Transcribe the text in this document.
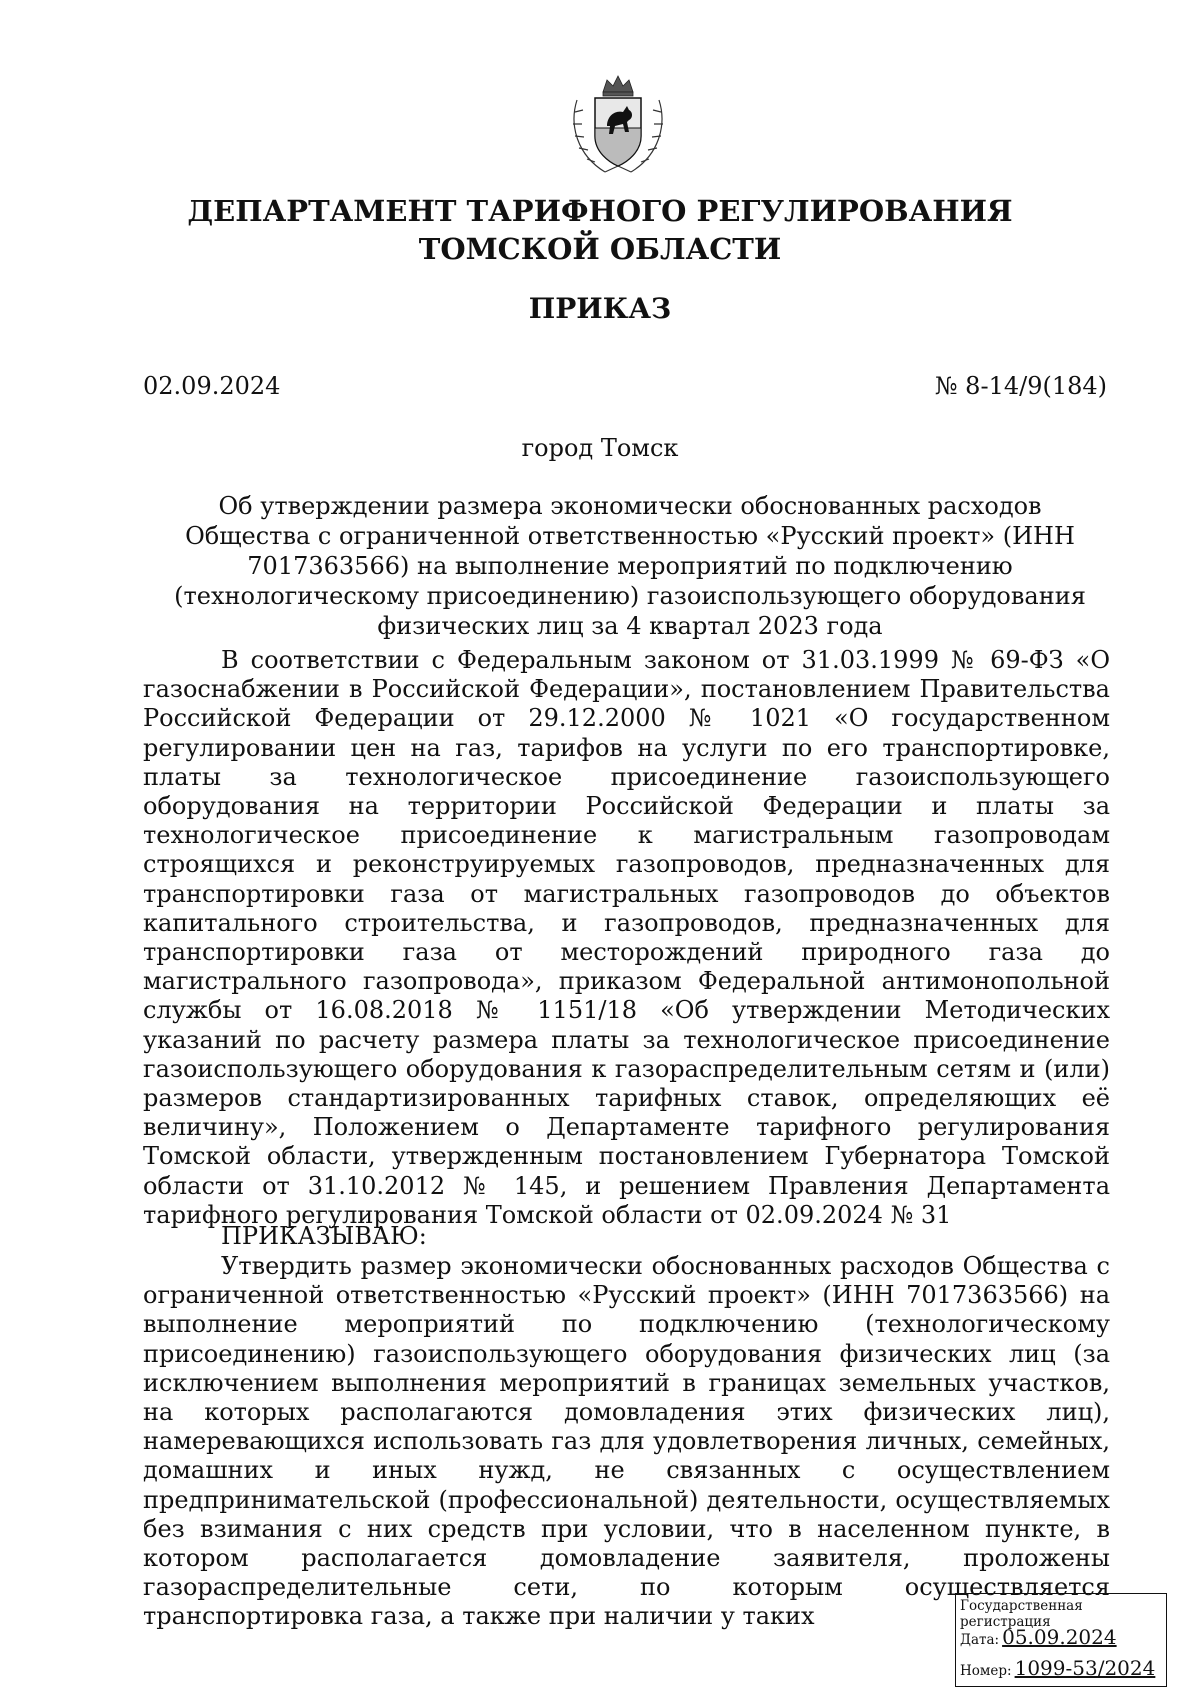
ДЕПАРТАМЕНТ ТАРИФНОГО РЕГУЛИРОВАНИЯ
ТОМСКОЙ ОБЛАСТИ
ПРИКАЗ
02.09.2024	№ 8-14/9(184)
город Томск

Об утверждении размера экономически обоснованных расходов Общества с ограниченной ответственностью «Русский проект» (ИНН 7017363566) на выполнение мероприятий по подключению (технологическому присоединению) газоиспользующего оборудования физических лиц за 4 квартал 2023 года

В соответствии с Федеральным законом от 31.03.1999 № 69-ФЗ «О газоснабжении в Российской Федерации», постановлением Правительства Российской Федерации от 29.12.2000 № 1021 «О государственном регулировании цен на газ, тарифов на услуги по его транспортировке, платы за технологическое присоединение газоиспользующего оборудования на территории Российской Федерации и платы за технологическое присоединение к магистральным газопроводам строящихся и реконструируемых газопроводов, предназначенных для транспортировки газа от магистральных газопроводов до объектов капитального строительства, и газопроводов, предназначенных для транспортировки газа от месторождений природного газа до магистрального газопровода», приказом Федеральной антимонопольной службы от 16.08.2018 № 1151/18 «Об утверждении Методических указаний по расчету размера платы за технологическое присоединение газоиспользующего оборудования к газораспределительным сетям и (или) размеров стандартизированных тарифных ставок, определяющих её величину», Положением о Департаменте тарифного регулирования Томской области, утвержденным постановлением Губернатора Томской области от 31.10.2012 № 145, и решением Правления Департамента тарифного регулирования Томской области от 02.09.2024 № 31

ПРИКАЗЫВАЮ:

Утвердить размер экономически обоснованных расходов Общества с ограниченной ответственностью «Русский проект» (ИНН 7017363566) на выполнение мероприятий по подключению (технологическому присоединению) газоиспользующего оборудования физических лиц (за исключением выполнения мероприятий в границах земельных участков, на которых располагаются домовладения этих физических лиц), намеревающихся использовать газ для удовлетворения личных, семейных, домашних и иных нужд, не связанных с осуществлением предпринимательской (профессиональной) деятельности, осуществляемых без взимания с них средств при условии, что в населенном пункте, в котором располагается домовладение заявителя, проложены газораспределительные сети, по которым осуществляется транспортировка газа, а также при наличии у таких	Государственная регистрация
Дата: 05.09.2024
Номер: 1099-53/2024
